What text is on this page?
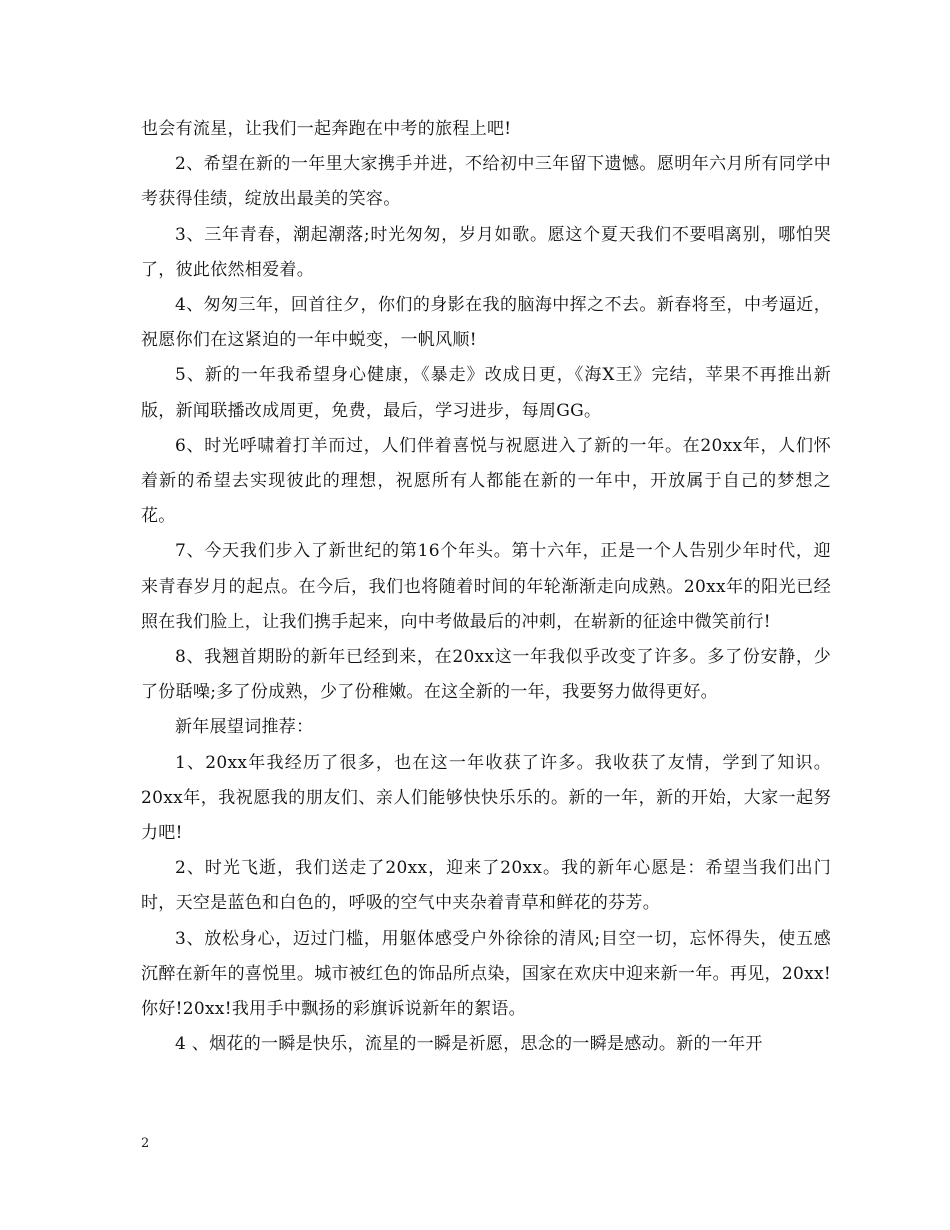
也会有流星，让我们一起奔跑在中考的旅程上吧!

2、希望在新的一年里大家携手并进，不给初中三年留下遗憾。愿明年六月所有同学中考获得佳绩，绽放出最美的笑容。

3、三年青春，潮起潮落;时光匆匆，岁月如歌。愿这个夏天我们不要唱离别，哪怕哭了，彼此依然相爱着。

4、匆匆三年，回首往夕，你们的身影在我的脑海中挥之不去。新春将至，中考逼近，祝愿你们在这紧迫的一年中蜕变，一帆风顺!

5、新的一年我希望身心健康，《暴走》改成日更，《海X王》完结，苹果不再推出新版，新闻联播改成周更，免费，最后，学习进步，每周GG。

6、时光呼啸着打羊而过，人们伴着喜悦与祝愿进入了新的一年。在20xx年，人们怀着新的希望去实现彼此的理想，祝愿所有人都能在新的一年中，开放属于自己的梦想之花。

7、今天我们步入了新世纪的第16个年头。第十六年，正是一个人告别少年时代，迎来青春岁月的起点。在今后，我们也将随着时间的年轮渐渐走向成熟。20xx年的阳光已经照在我们脸上，让我们携手起来，向中考做最后的冲刺，在崭新的征途中微笑前行!

8、我翘首期盼的新年已经到来，在20xx这一年我似乎改变了许多。多了份安静，少了份聒噪;多了份成熟，少了份稚嫩。在这全新的一年，我要努力做得更好。

新年展望词推荐：

1、20xx年我经历了很多，也在这一年收获了许多。我收获了友情，学到了知识。20xx年，我祝愿我的朋友们、亲人们能够快快乐乐的。新的一年，新的开始，大家一起努力吧!

2、时光飞逝，我们送走了20xx，迎来了20xx。我的新年心愿是：希望当我们出门时，天空是蓝色和白色的，呼吸的空气中夹杂着青草和鲜花的芬芳。

3、放松身心，迈过门槛，用躯体感受户外徐徐的清风;目空一切，忘怀得失，使五感沉醉在新年的喜悦里。城市被红色的饰品所点染，国家在欢庆中迎来新一年。再见，20xx!你好!20xx!我用手中飘扬的彩旗诉说新年的絮语。

4 、烟花的一瞬是快乐，流星的一瞬是祈愿，思念的一瞬是感动。新的一年开

2
